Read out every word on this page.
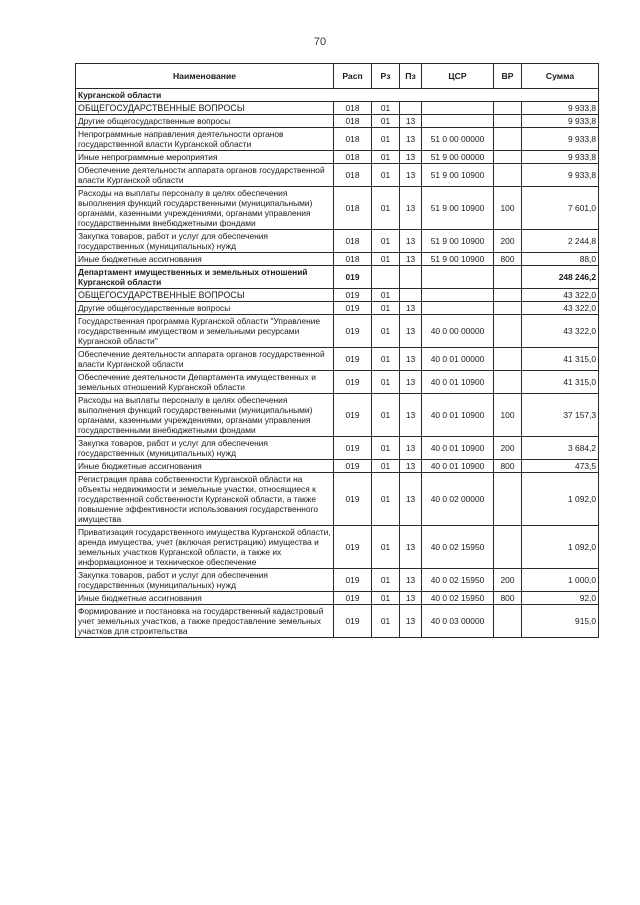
70
Наименование	Расп	Рз	Пз	ЦСР	ВР	Сумма
Курганской области						
ОБЩЕГОСУДАРСТВЕННЫЕ ВОПРОСЫ	018	01				9 933,8
Другие общегосударственные вопросы	018	01	13			9 933,8
Непрограммные направления деятельности органов государственной власти Курганской области	018	01	13	51 0 00 00000		9 933,8
Иные непрограммные мероприятия	018	01	13	51 9 00 00000		9 933,8
Обеспечение деятельности аппарата органов государственной власти Курганской области	018	01	13	51 9 00 10900		9 933,8
Расходы на выплаты персоналу в целях обеспечения выполнения функций государственными (муниципальными) органами, казенными учреждениями, органами управления государственными внебюджетными фондами	018	01	13	51 9 00 10900	100	7 601,0
Закупка товаров, работ и услуг для обеспечения государственных (муниципальных) нужд	018	01	13	51 9 00 10900	200	2 244,8
Иные бюджетные ассигнования	018	01	13	51 9 00 10900	800	88,0
Департамент имущественных и земельных отношений Курганской области	019					248 246,2
ОБЩЕГОСУДАРСТВЕННЫЕ ВОПРОСЫ	019	01				43 322,0
Другие общегосударственные вопросы	019	01	13			43 322,0
Государственная программа Курганской области "Управление государственным имуществом и земельными ресурсами Курганской области"	019	01	13	40 0 00 00000		43 322,0
Обеспечение деятельности аппарата органов государственной власти Курганской области	019	01	13	40 0 01 00000		41 315,0
Обеспечение деятельности Департамента имущественных и земельных отношений Курганской области	019	01	13	40 0 01 10900		41 315,0
Расходы на выплаты персоналу в целях обеспечения выполнения функций государственными (муниципальными) органами, казенными учреждениями, органами управления государственными внебюджетными фондами	019	01	13	40 0 01 10900	100	37 157,3
Закупка товаров, работ и услуг для обеспечения государственных (муниципальных) нужд	019	01	13	40 0 01 10900	200	3 684,2
Иные бюджетные ассигнования	019	01	13	40 0 01 10900	800	473,5
Регистрация права собственности Курганской области на объекты недвижимости и земельные участки, относящиеся к государственной собственности Курганской области, а также повышение эффективности использования государственного имущества	019	01	13	40 0 02 00000		1 092,0
Приватизация государственного имущества Курганской области, аренда имущества, учет (включая регистрацию) имущества и земельных участков Курганской области, а также их информационное и техническое обеспечение	019	01	13	40 0 02 15950		1 092,0
Закупка товаров, работ и услуг для обеспечения государственных (муниципальных) нужд	019	01	13	40 0 02 15950	200	1 000,0
Иные бюджетные ассигнования	019	01	13	40 0 02 15950	800	92,0
Формирование и постановка на государственный кадастровый учет земельных участков, а также предоставление земельных участков для строительства	019	01	13	40 0 03 00000		915,0
